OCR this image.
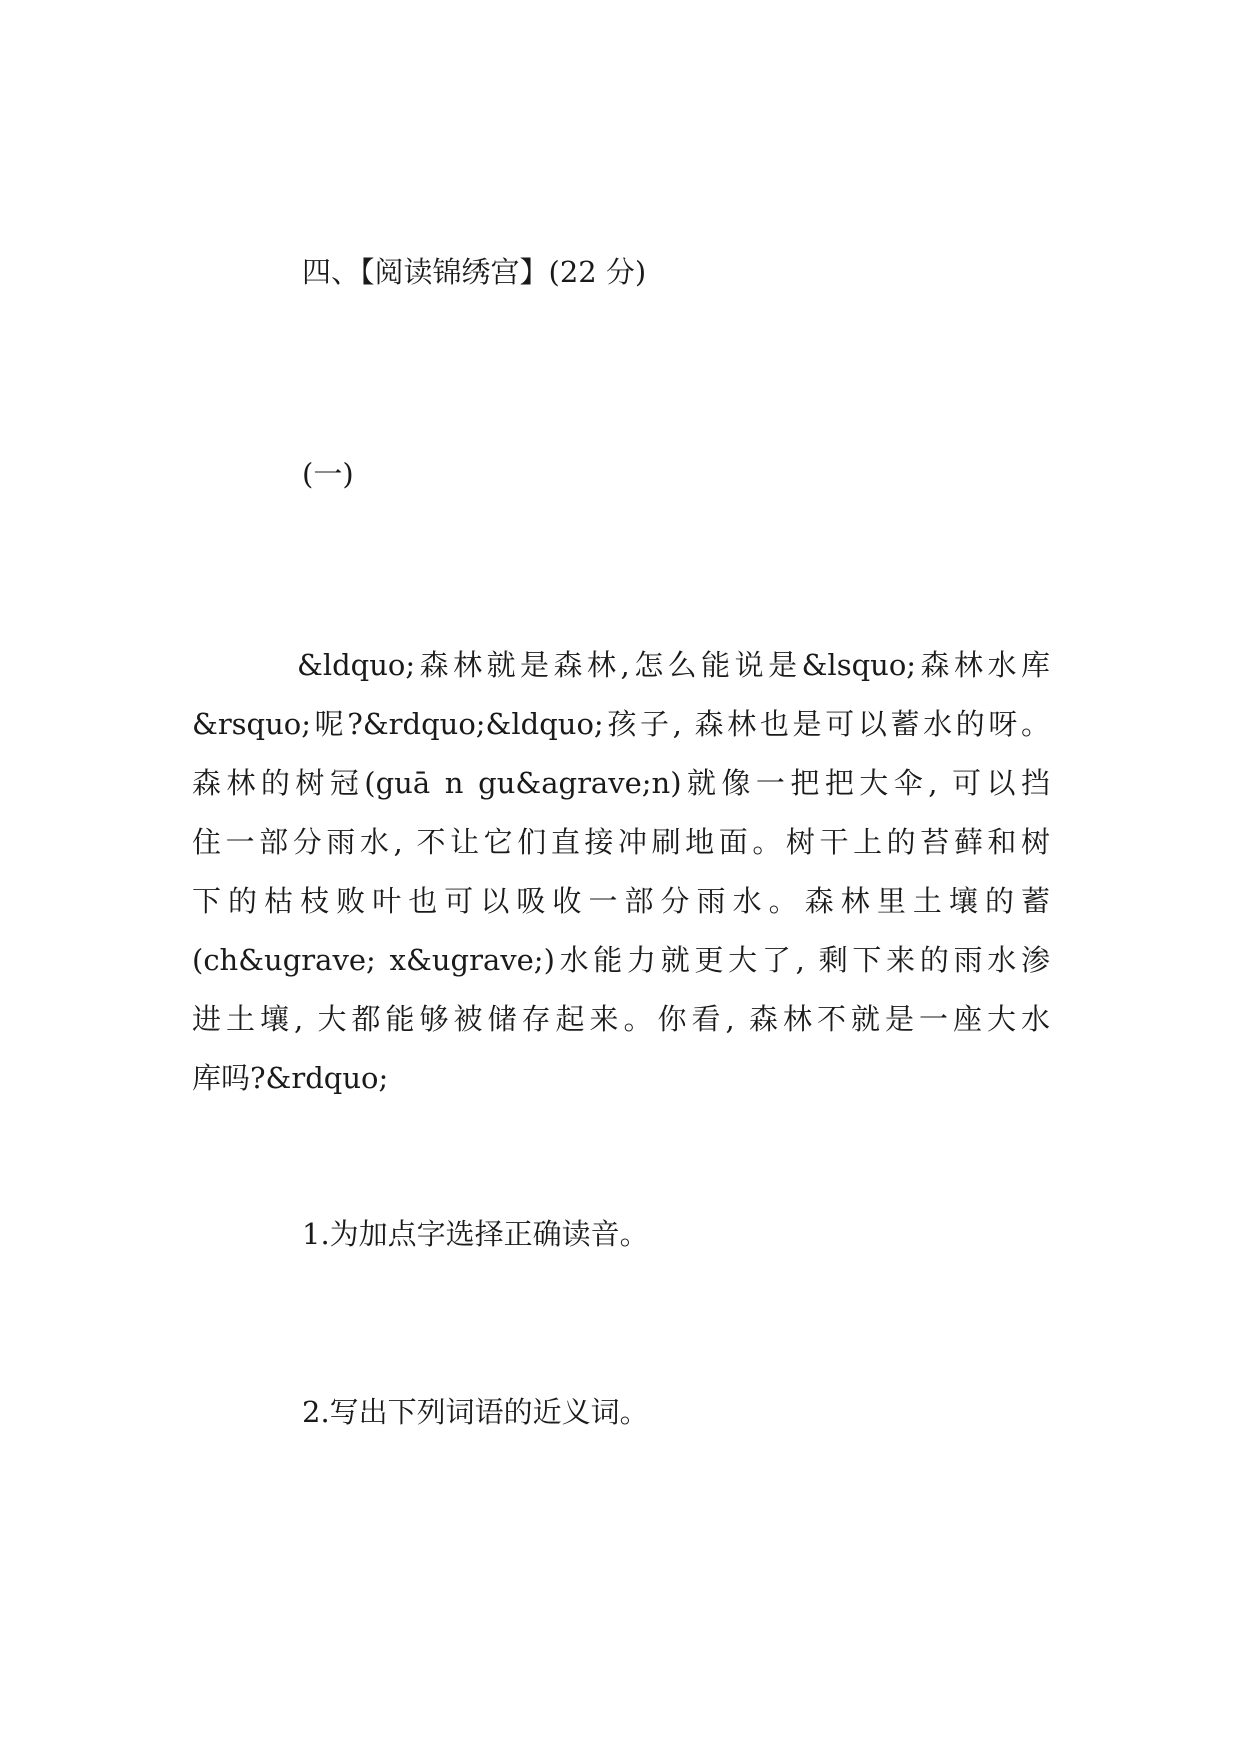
四、【阅读锦绣宫】(22 分)
(一)
&ldquo;森林就是森林,怎么能说是&lsquo;森林水库
&rsquo;呢?&rdquo;&ldquo;孩子, 森林也是可以蓄水的呀。
森林的树冠(guā n gu&agrave;n)就像一把把大伞, 可以挡
住一部分雨水, 不让它们直接冲刷地面。树干上的苔藓和树
下的枯枝败叶也可以吸收一部分雨水。森林里土壤的蓄
(ch&ugrave; x&ugrave;)水能力就更大了, 剩下来的雨水渗
进土壤, 大都能够被储存起来。你看, 森林不就是一座大水
库吗?&rdquo;
1.为加点字选择正确读音。
2.写出下列词语的近义词。
